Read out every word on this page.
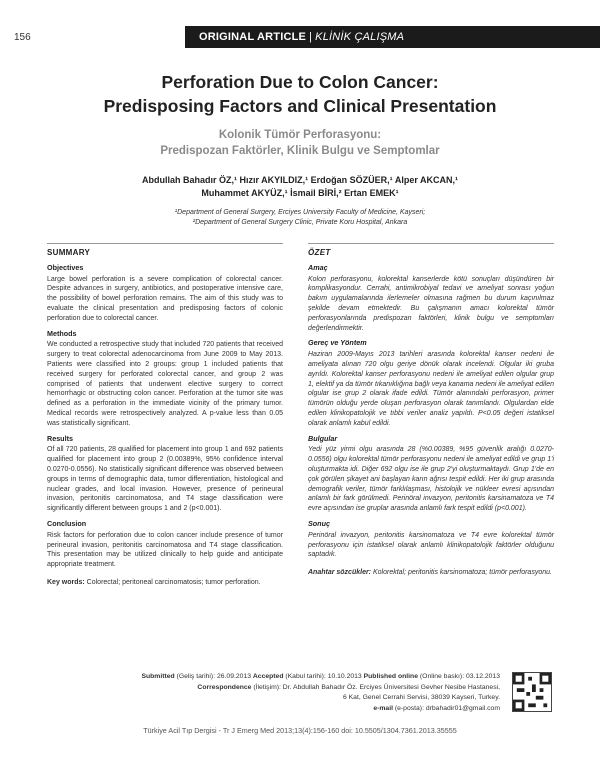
156	ORIGINAL ARTICLE | KLİNİK ÇALIŞMA
Perforation Due to Colon Cancer:
Predisposing Factors and Clinical Presentation
Kolonik Tümör Perforasyonu:
Predispozan Faktörler, Klinik Bulgu ve Semptomlar
Abdullah Bahadır ÖZ,¹ Hızır AKYILDIZ,¹ Erdoğan SÖZÜER,¹ Alper AKCAN,¹
Muhammet AKYÜZ,¹ İsmail BİRİ,² Ertan EMEK¹
¹Department of General Surgery, Erciyes University Faculty of Medicine, Kayseri;
²Department of General Surgery Clinic, Private Koru Hospital, Ankara
SUMMARY
Objectives

Large bowel perforation is a severe complication of colorectal cancer. Despite advances in surgery, antibiotics, and postoperative intensive care, the possibility of bowel perforation remains. The aim of this study was to evaluate the clinical presentation and predisposing factors of colonic perforation due to colorectal cancer.

Methods

We conducted a retrospective study that included 720 patients that received surgery to treat colorectal adenocarcinoma from June 2009 to May 2013. Patients were classified into 2 groups: group 1 included patients that received surgery for perforated colorectal cancer, and group 2 was comprised of patients that underwent elective surgery to correct hemorrhagic or obstructing colon cancer. Perforation at the tumor site was defined as a perforation in the immediate vicinity of the primary tumor. Medical records were retrospectively analyzed. A p-value less than 0.05 was statistically significant.

Results

Of all 720 patients, 28 qualified for placement into group 1 and 692 patients qualified for placement into group 2 (0.00389%, 95% confidence interval 0.0270-0.0556). No statistically significant difference was observed between groups in terms of demographic data, tumor differentiation, histological and nuclear grades, and local invasion. However, presence of perineural invasion, peritonitis carcinomatosa, and T4 stage classification were significantly different between groups 1 and 2 (p<0.001).

Conclusion

Risk factors for perforation due to colon cancer include presence of tumor perineural invasion, peritonitis carcinomatosa and T4 stage classification. This presentation may be utilized clinically to help guide and anticipate appropriate treatment.

Key words: Colorectal; peritoneal carcinomatosis; tumor perforation.

ÖZET
Amaç

Kolon perforasyonu, kolorektal kanserlerde kötü sonuçları düşündüren bir komplikasyondur. Cerrahi, antimikrobiyal tedavi ve ameliyat sonrası yoğun bakım uygulamalarında ilerlemeler olmasına rağmen bu durum kaçınılmaz şekilde devam etmektedir. Bu çalışmanın amacı kolorektal tümör perforasyonlarında predispozan faktörleri, klinik bulgu ve semptomları değerlendirmektir.

Gereç ve Yöntem

Haziran 2009-Mayıs 2013 tarihleri arasında kolorektal kanser nedeni ile ameliyata alınan 720 olgu geriye dönük olarak incelendi. Olgular iki gruba ayrıldı. Kolorektal kanser perforasyonu nedeni ile ameliyat edilen olgular grup 1, elektif ya da tümör tıkanıklığına bağlı veya kanama nedeni ile ameliyat edilen olgular ise grup 2 olarak ifade edildi. Tümör alanındaki perforasyon, primer tümörün olduğu yerde oluşan perforasyon olarak tanımlandı. Olgulardan elde edilen klinikopatolojik ve tıbbi veriler analiz yapıldı. P<0.05 değeri istatiksel olarak anlamlı kabul edildi.

Bulgular

Yedi yüz yirmi olgu arasında 28 (%0.00389, %95 güvenlik aralığı 0.0270-0.0556) olgu kolorektal tümör perforasyonu nedeni ile ameliyat edildi ve grup 1'i oluşturmakta idi. Diğer 692 olgu ise ile grup 2'yi oluşturmaktaydı. Grup 1'de en çok görülen şikayet ani başlayan karın ağrısı tespit edildi. Her iki grup arasında demografik veriler, tümör farklılaşması, histolojik ve nükleer evresi açısından anlamlı bir fark görülmedi. Perinöral invazyon, peritonitis karsinamatoza ve T4 evre açısından ise gruplar arasında anlamlı fark tespit edildi (p<0.001).

Sonuç

Perinöral invazyon, peritonitis karsinomatoza ve T4 evre kolorektal tümör perforasyonu için istatiksel olarak anlamlı klinikopatolojik faktörler olduğunu saptadık.

Anahtar sözcükler: Kolorektal; peritonitis karsinomatoza; tümör perforasyonu.

Submitted (Geliş tarihi): 26.09.2013 Accepted (Kabul tarihi): 10.10.2013 Published online (Online baskı): 03.12.2013
Correspondence (İletişim): Dr. Abdullah Bahadır Öz. Erciyes Üniversitesi Gevher Nesibe Hastanesi,
6 Kat, Genel Cerrahi Servisi, 38039 Kayseri, Turkey.
e-mail (e-posta): drbahadir01@gmail.com
Türkiye Acil Tıp Dergisi - Tr J Emerg Med 2013;13(4):156-160 doi: 10.5505/1304.7361.2013.35555
